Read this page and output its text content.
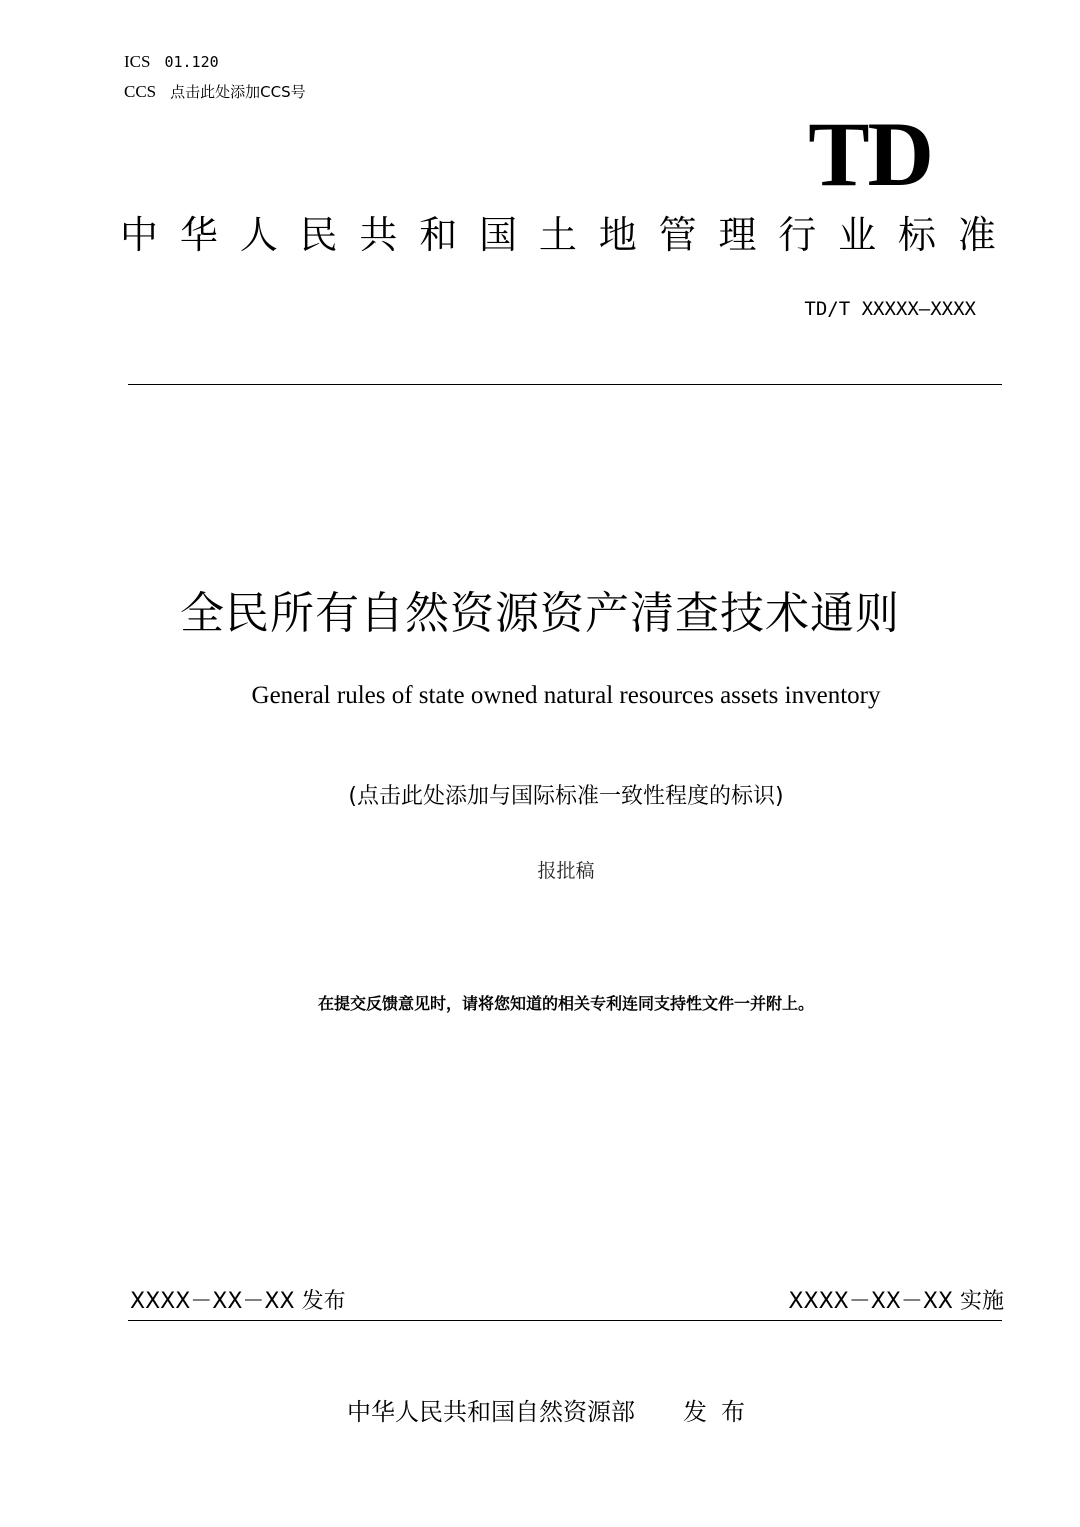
ICS 01.120
CCS 点击此处添加CCS号
TD
中 华 人 民 共 和 国 土 地 管 理 行 业 标 准
TD/T XXXXX—XXXX
全民所有自然资源资产清查技术通则
General rules of state owned natural resources assets inventory
(点击此处添加与国际标准一致性程度的标识)
报批稿
在提交反馈意见时，请将您知道的相关专利连同支持性文件一并附上。
XXXX－XX－XX 发布	XXXX－XX－XX 实施
中华人民共和国自然资源部 发布
